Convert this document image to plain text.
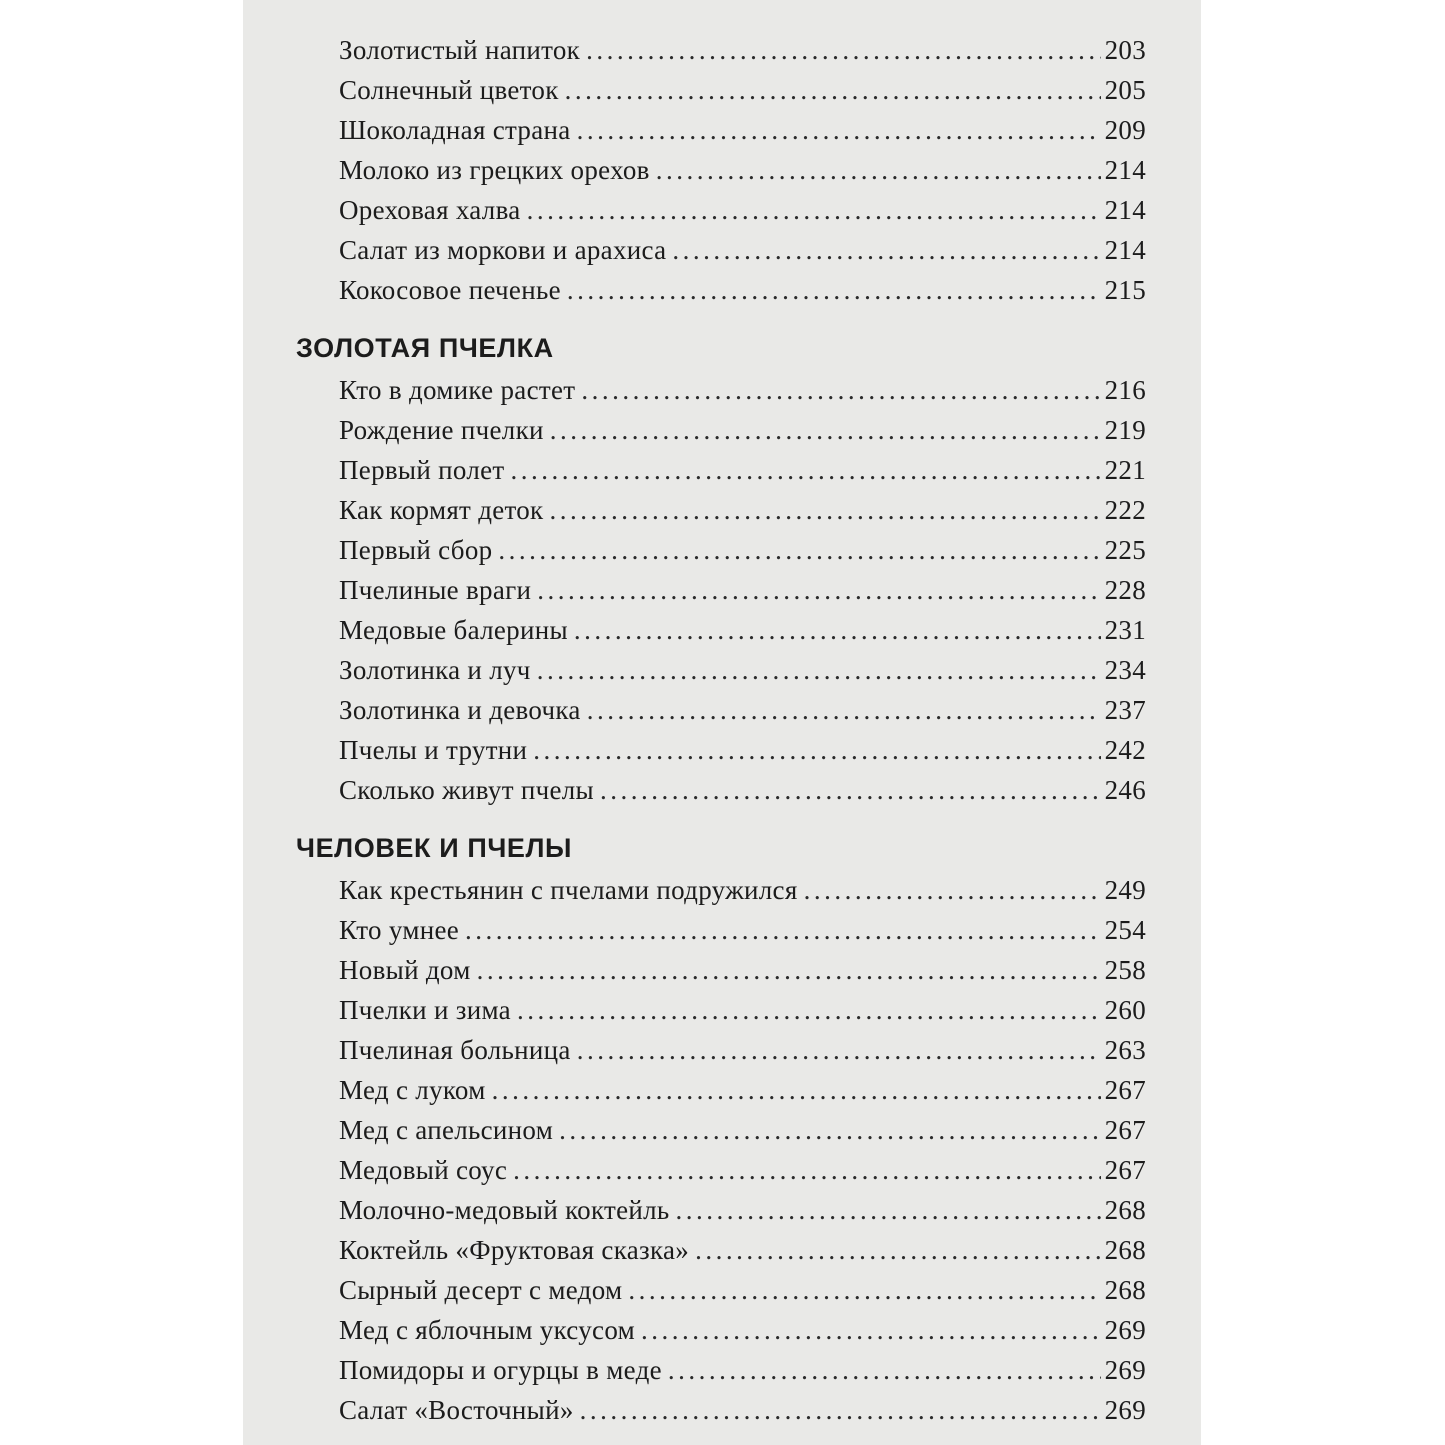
Золотистый напиток .....	203
Солнечный цветок .....	205
Шоколадная страна .....	209
Молоко из грецких орехов .....	214
Ореховая халва .....	214
Салат из моркови и арахиса .....	214
Кокосовое печенье .....	215
ЗОЛОТАЯ ПЧЕЛКА
Кто в домике растет .....	216
Рождение пчелки .....	219
Первый полет .....	221
Как кормят деток .....	222
Первый сбор .....	225
Пчелиные враги .....	228
Медовые балерины .....	231
Золотинка и луч .....	234
Золотинка и девочка .....	237
Пчелы и трутни .....	242
Сколько живут пчелы .....	246
ЧЕЛОВЕК И ПЧЕЛЫ
Как крестьянин с пчелами подружился .....	249
Кто умнее .....	254
Новый дом .....	258
Пчелки и зима .....	260
Пчелиная больница .....	263
Мед с луком .....	267
Мед с апельсином .....	267
Медовый соус .....	267
Молочно-медовый коктейль .....	268
Коктейль «Фруктовая сказка» .....	268
Сырный десерт с медом .....	268
Мед с яблочным уксусом .....	269
Помидоры и огурцы в меде .....	269
Салат «Восточный» .....	269
